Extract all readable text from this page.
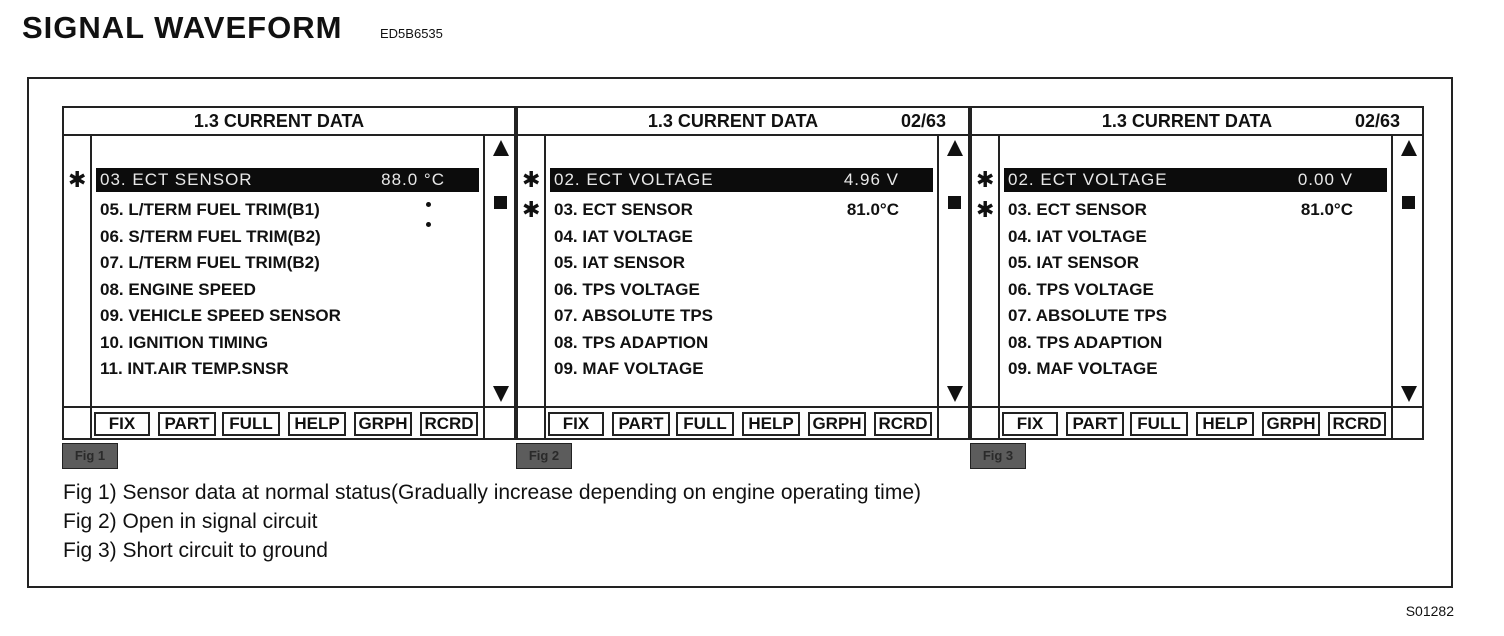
SIGNAL WAVEFORM	ED5B6535
Fig 1) Sensor data at normal status(Gradually increase depending on engine operating time)
Fig 2) Open in signal circuit
Fig 3) Short circuit to ground
1.3 CURRENT DATA
✱ 03. ECT SENSOR	88.0 °C
05. L/TERM FUEL TRIM(B1)
06. S/TERM FUEL TRIM(B2)
07. L/TERM FUEL TRIM(B2)
08. ENGINE SPEED
09. VEHICLE SPEED SENSOR
10. IGNITION TIMING
11. INT.AIR TEMP.SNSR
FIX	PART	FULL	HELP	GRPH RCRD
Fig 1
1.3 CURRENT DATA	02/63
✱
✱
02. ECT VOLTAGE	4.96 V
03. ECT SENSOR	81.0°C
04. IAT VOLTAGE
05. IAT SENSOR
06. TPS VOLTAGE
07. ABSOLUTE TPS
08. TPS ADAPTION
09. MAF VOLTAGE
FIX	PART	FULL	HELP	GRPH RCRD
Fig 2
1.3 CURRENT DATA	02/63
✱
✱
02. ECT VOLTAGE	0.00 V
03. ECT SENSOR	81.0°C
04. IAT VOLTAGE
05. IAT SENSOR
06. TPS VOLTAGE
07. ABSOLUTE TPS
08. TPS ADAPTION
09. MAF VOLTAGE
FIX	PART	FULL	HELP	GRPH RCRD
Fig 3
S01282
